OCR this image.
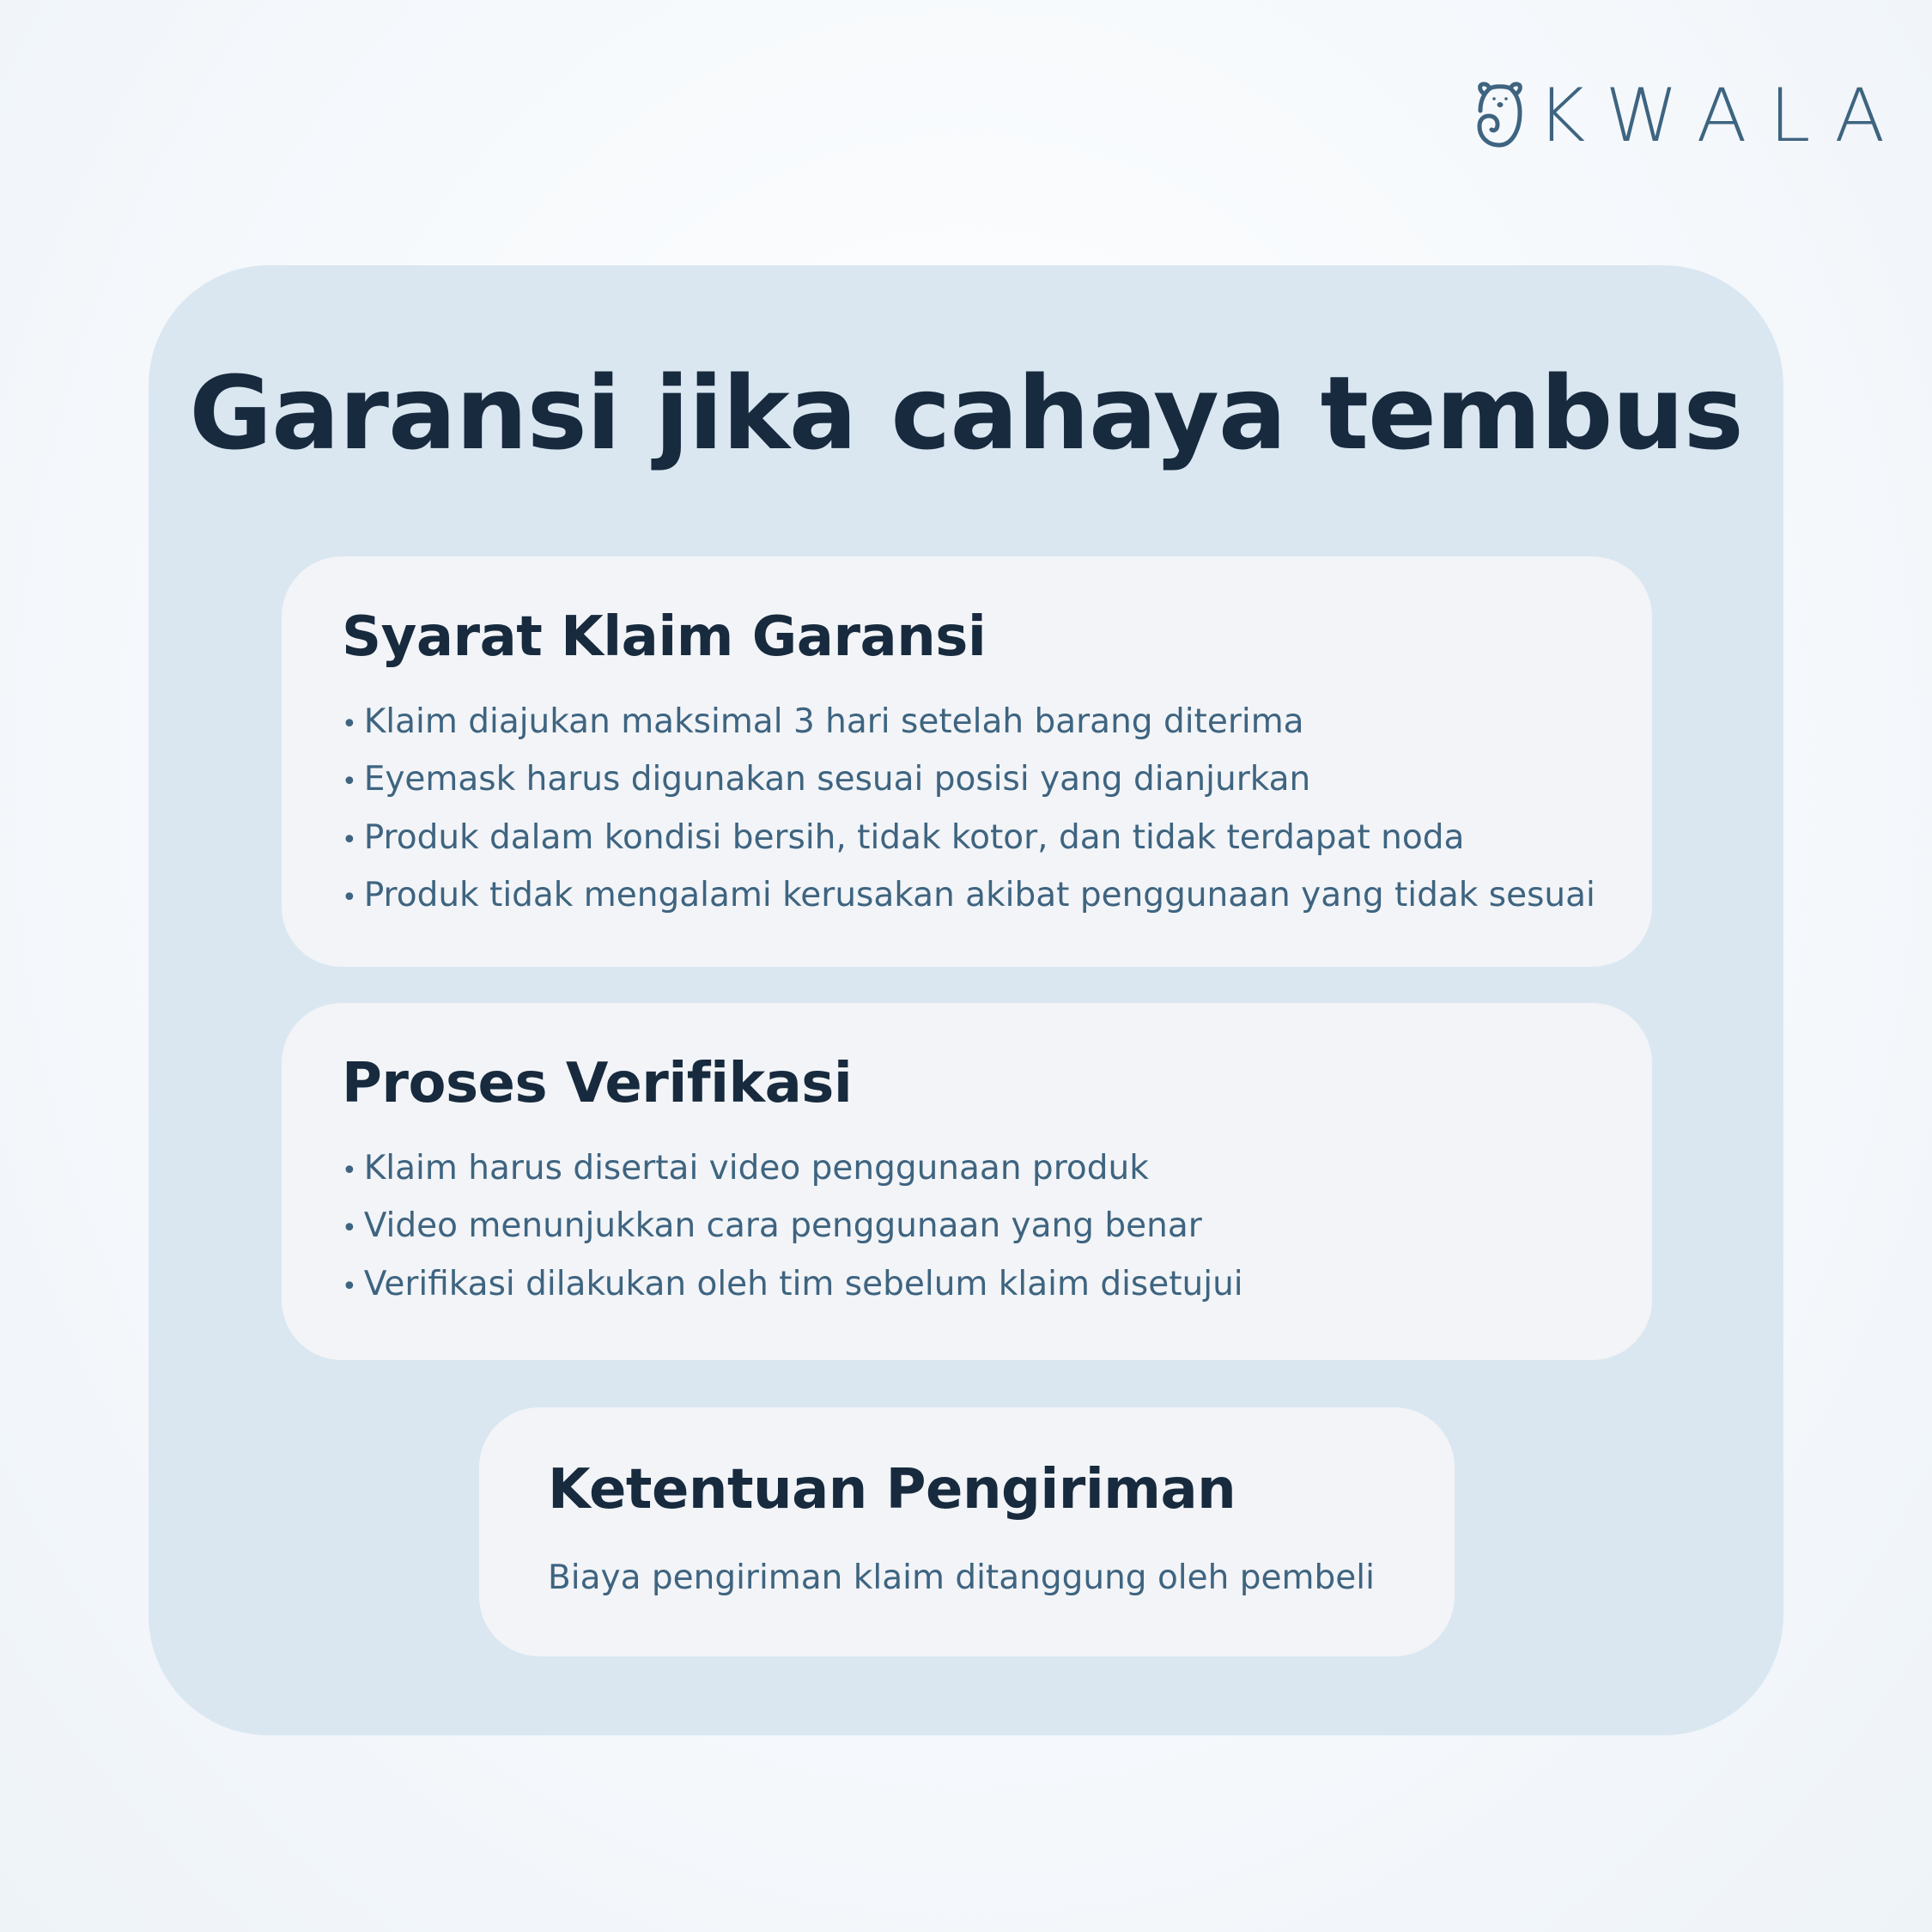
KWALA
Garansi jika cahaya tembus
Syarat Klaim Garansi
• Klaim diajukan maksimal 3 hari setelah barang diterima
• Eyemask harus digunakan sesuai posisi yang dianjurkan
• Produk dalam kondisi bersih, tidak kotor, dan tidak terdapat noda
• Produk tidak mengalami kerusakan akibat penggunaan yang tidak sesuai
Proses Verifikasi
• Klaim harus disertai video penggunaan produk
• Video menunjukkan cara penggunaan yang benar
• Verifikasi dilakukan oleh tim sebelum klaim disetujui
Ketentuan Pengiriman

Biaya pengiriman klaim ditanggung oleh pembeli
